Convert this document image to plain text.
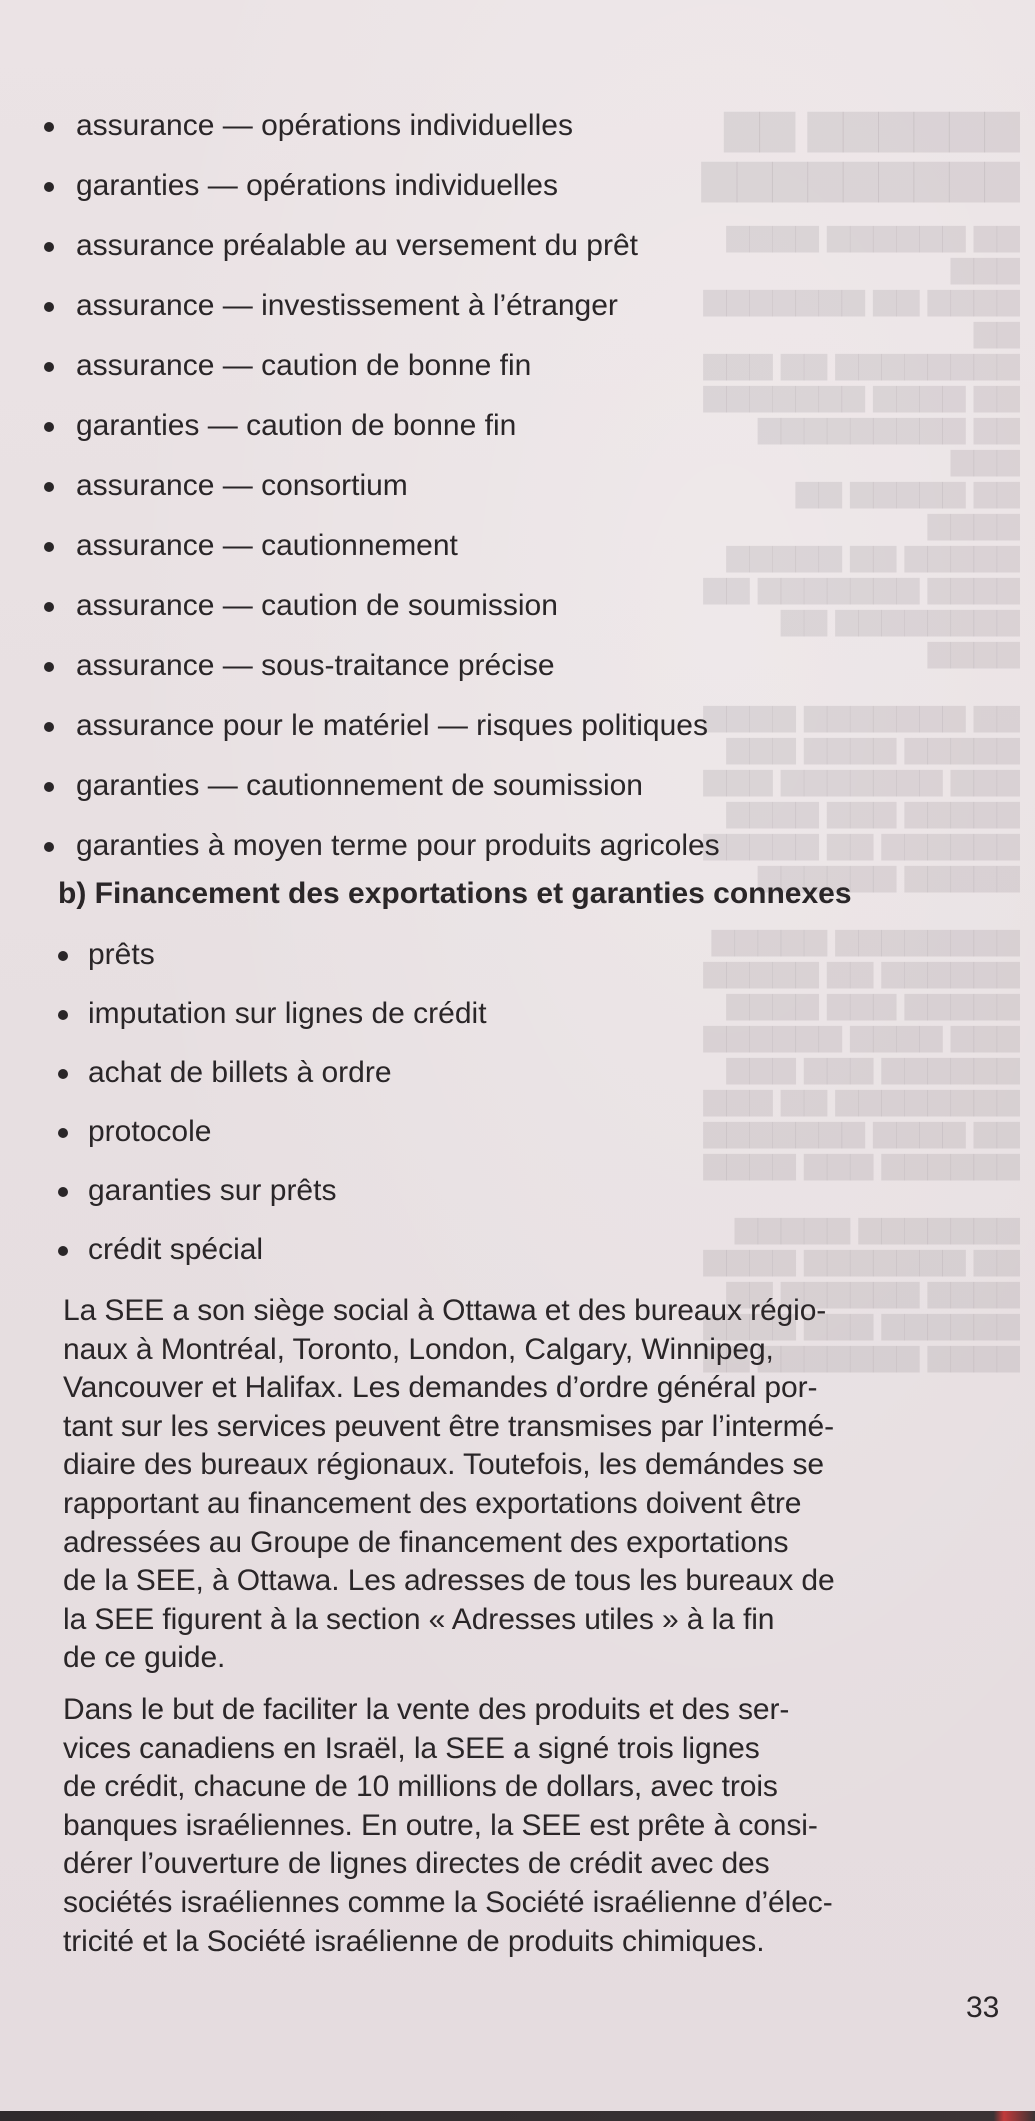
▆▆▆▆▆▆ ▆▆
▆▆▆▆▆▆▆▆▆
▆▆ ▆▆▆▆▆▆ ▆▆▆▆ ▆▆▆
▆▆▆▆ ▆▆ ▆▆▆▆▆▆▆ ▆▆
▆▆▆▆▆▆▆▆ ▆▆ ▆▆▆
▆▆ ▆▆▆▆ ▆▆▆▆▆▆▆
▆▆ ▆▆▆▆▆▆▆▆▆ ▆▆▆
▆▆ ▆▆▆▆▆ ▆▆ ▆▆▆▆
▆▆▆▆▆ ▆▆ ▆▆▆▆▆
▆▆▆▆ ▆▆▆▆▆▆▆ ▆▆
▆▆▆▆▆▆▆▆ ▆▆ ▆▆▆▆

▆▆ ▆▆▆▆▆▆▆ ▆▆▆▆
▆▆▆▆▆ ▆▆▆▆ ▆▆▆
▆▆▆ ▆▆▆▆▆▆▆ ▆▆▆
▆▆▆▆▆ ▆▆▆ ▆▆▆▆
▆▆▆▆▆▆ ▆▆ ▆▆▆▆▆
▆▆▆▆▆ ▆▆▆▆▆▆

▆▆▆▆▆▆▆▆ ▆▆▆▆▆
▆▆▆▆▆▆ ▆▆ ▆▆▆▆▆
▆▆▆▆▆ ▆▆▆ ▆▆▆▆
▆▆▆ ▆▆▆▆ ▆▆▆▆▆▆
▆▆▆▆▆▆ ▆▆▆ ▆▆▆
▆▆▆▆▆▆▆▆ ▆▆ ▆▆▆
▆▆ ▆▆▆▆ ▆▆▆▆▆▆▆
▆▆▆▆▆▆ ▆▆▆ ▆▆▆▆

▆▆▆▆▆▆▆ ▆▆▆▆▆
▆▆ ▆▆▆▆▆▆▆ ▆▆▆▆
▆▆▆▆ ▆▆▆▆▆▆ ▆▆
▆▆▆▆▆▆ ▆▆▆ ▆▆▆▆
▆▆▆▆ ▆▆▆▆▆▆▆ ▆▆
assurance — opérations individuelles
garanties — opérations individuelles
assurance préalable au versement du prêt
assurance — investissement à l’étranger
assurance — caution de bonne fin
garanties — caution de bonne fin
assurance — consortium
assurance — cautionnement
assurance — caution de soumission
assurance — sous-traitance précise
assurance pour le matériel — risques politiques
garanties — cautionnement de soumission
garanties à moyen terme pour produits agricoles
b) Financement des exportations et garanties connexes
prêts
imputation sur lignes de crédit
achat de billets à ordre
protocole
garanties sur prêts
crédit spécial

La SEE a son siège social à Ottawa et des bureaux régio-
naux à Montréal, Toronto, London, Calgary, Winnipeg,
Vancouver et Halifax. Les demandes d’ordre général por-
tant sur les services peuvent être transmises par l’intermé-
diaire des bureaux régionaux. Toutefois, les demándes se
rapportant au financement des exportations doivent être
adressées au Groupe de financement des exportations
de la SEE, à Ottawa. Les adresses de tous les bureaux de
la SEE figurent à la section « Adresses utiles » à la fin
de ce guide.

Dans le but de faciliter la vente des produits et des ser-
vices canadiens en Israël, la SEE a signé trois lignes
de crédit, chacune de 10 millions de dollars, avec trois
banques israéliennes. En outre, la SEE est prête à consi-
dérer l’ouverture de lignes directes de crédit avec des
sociétés israéliennes comme la Société israélienne d’élec-
tricité et la Société israélienne de produits chimiques.

33
